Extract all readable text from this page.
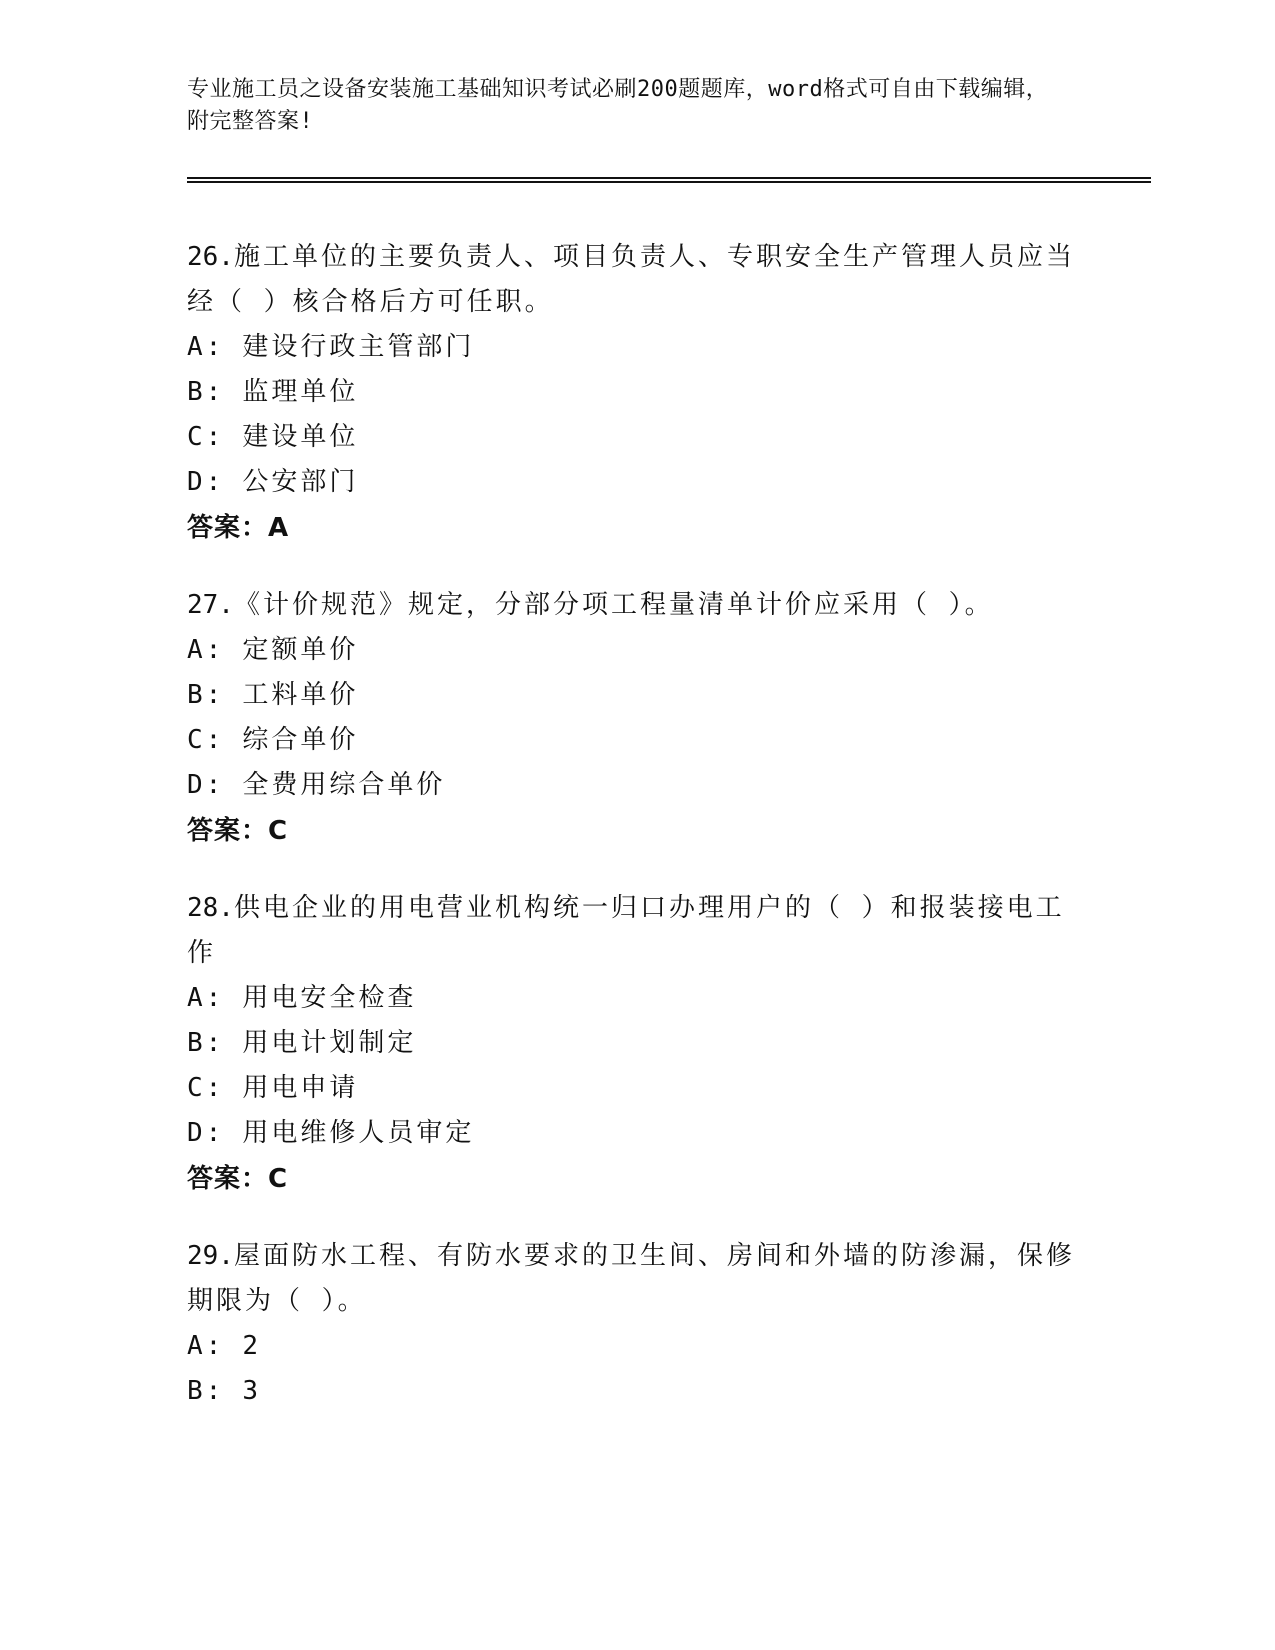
专业施工员之设备安装施工基础知识考试必刷200题题库，word格式可自由下载编辑，附完整答案!
26.施工单位的主要负责人、项目负责人、专职安全生产管理人员应当经（ ）核合格后方可任职。
A: 建设行政主管部门
B: 监理单位
C: 建设单位
D: 公安部门
答案：A
27.《计价规范》规定，分部分项工程量清单计价应采用（ ）。
A: 定额单价
B: 工料单价
C: 综合单价
D: 全费用综合单价
答案：C
28.供电企业的用电营业机构统一归口办理用户的（ ）和报装接电工作
A: 用电安全检查
B: 用电计划制定
C: 用电申请
D: 用电维修人员审定
答案：C
29.屋面防水工程、有防水要求的卫生间、房间和外墙的防渗漏，保修期限为（ ）。
A: 2
B: 3
